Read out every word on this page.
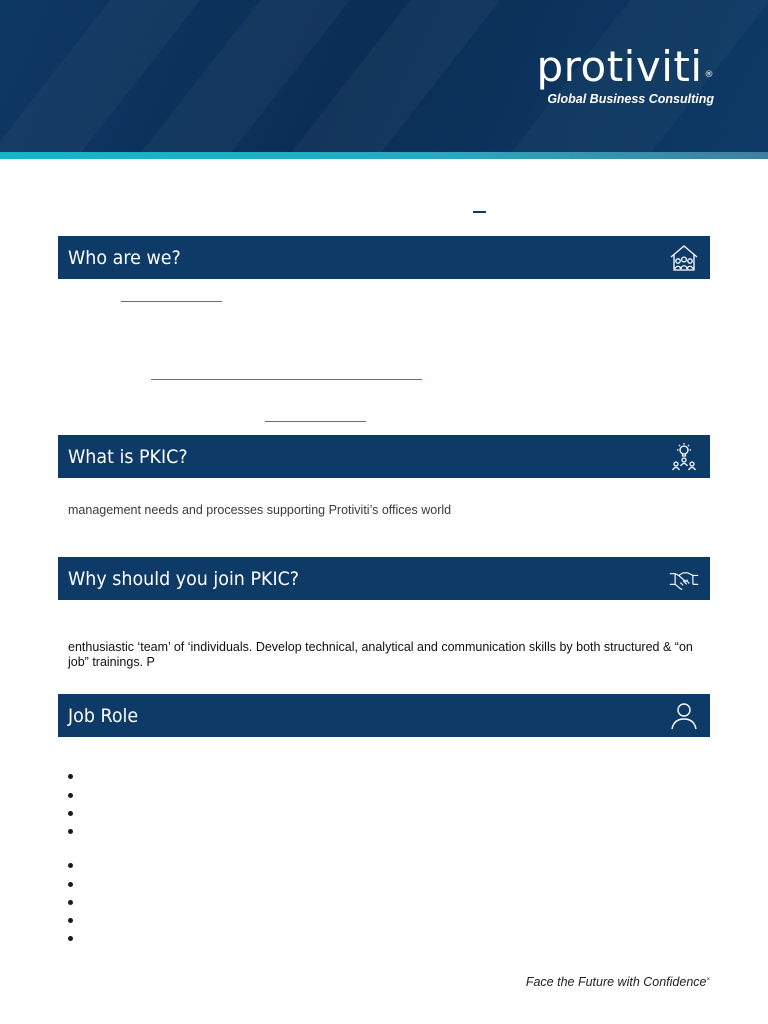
protiviti ®
Global Business Consulting
Who are we?
What is PKIC?
management needs and processes supporting Protiviti’s offices world
Why should you join PKIC?
enthusiastic ‘team’ of ‘individuals. Develop technical, analytical and communication skills by both structured & “on job” trainings. P
Job Role
Face the Future with Confidence×
